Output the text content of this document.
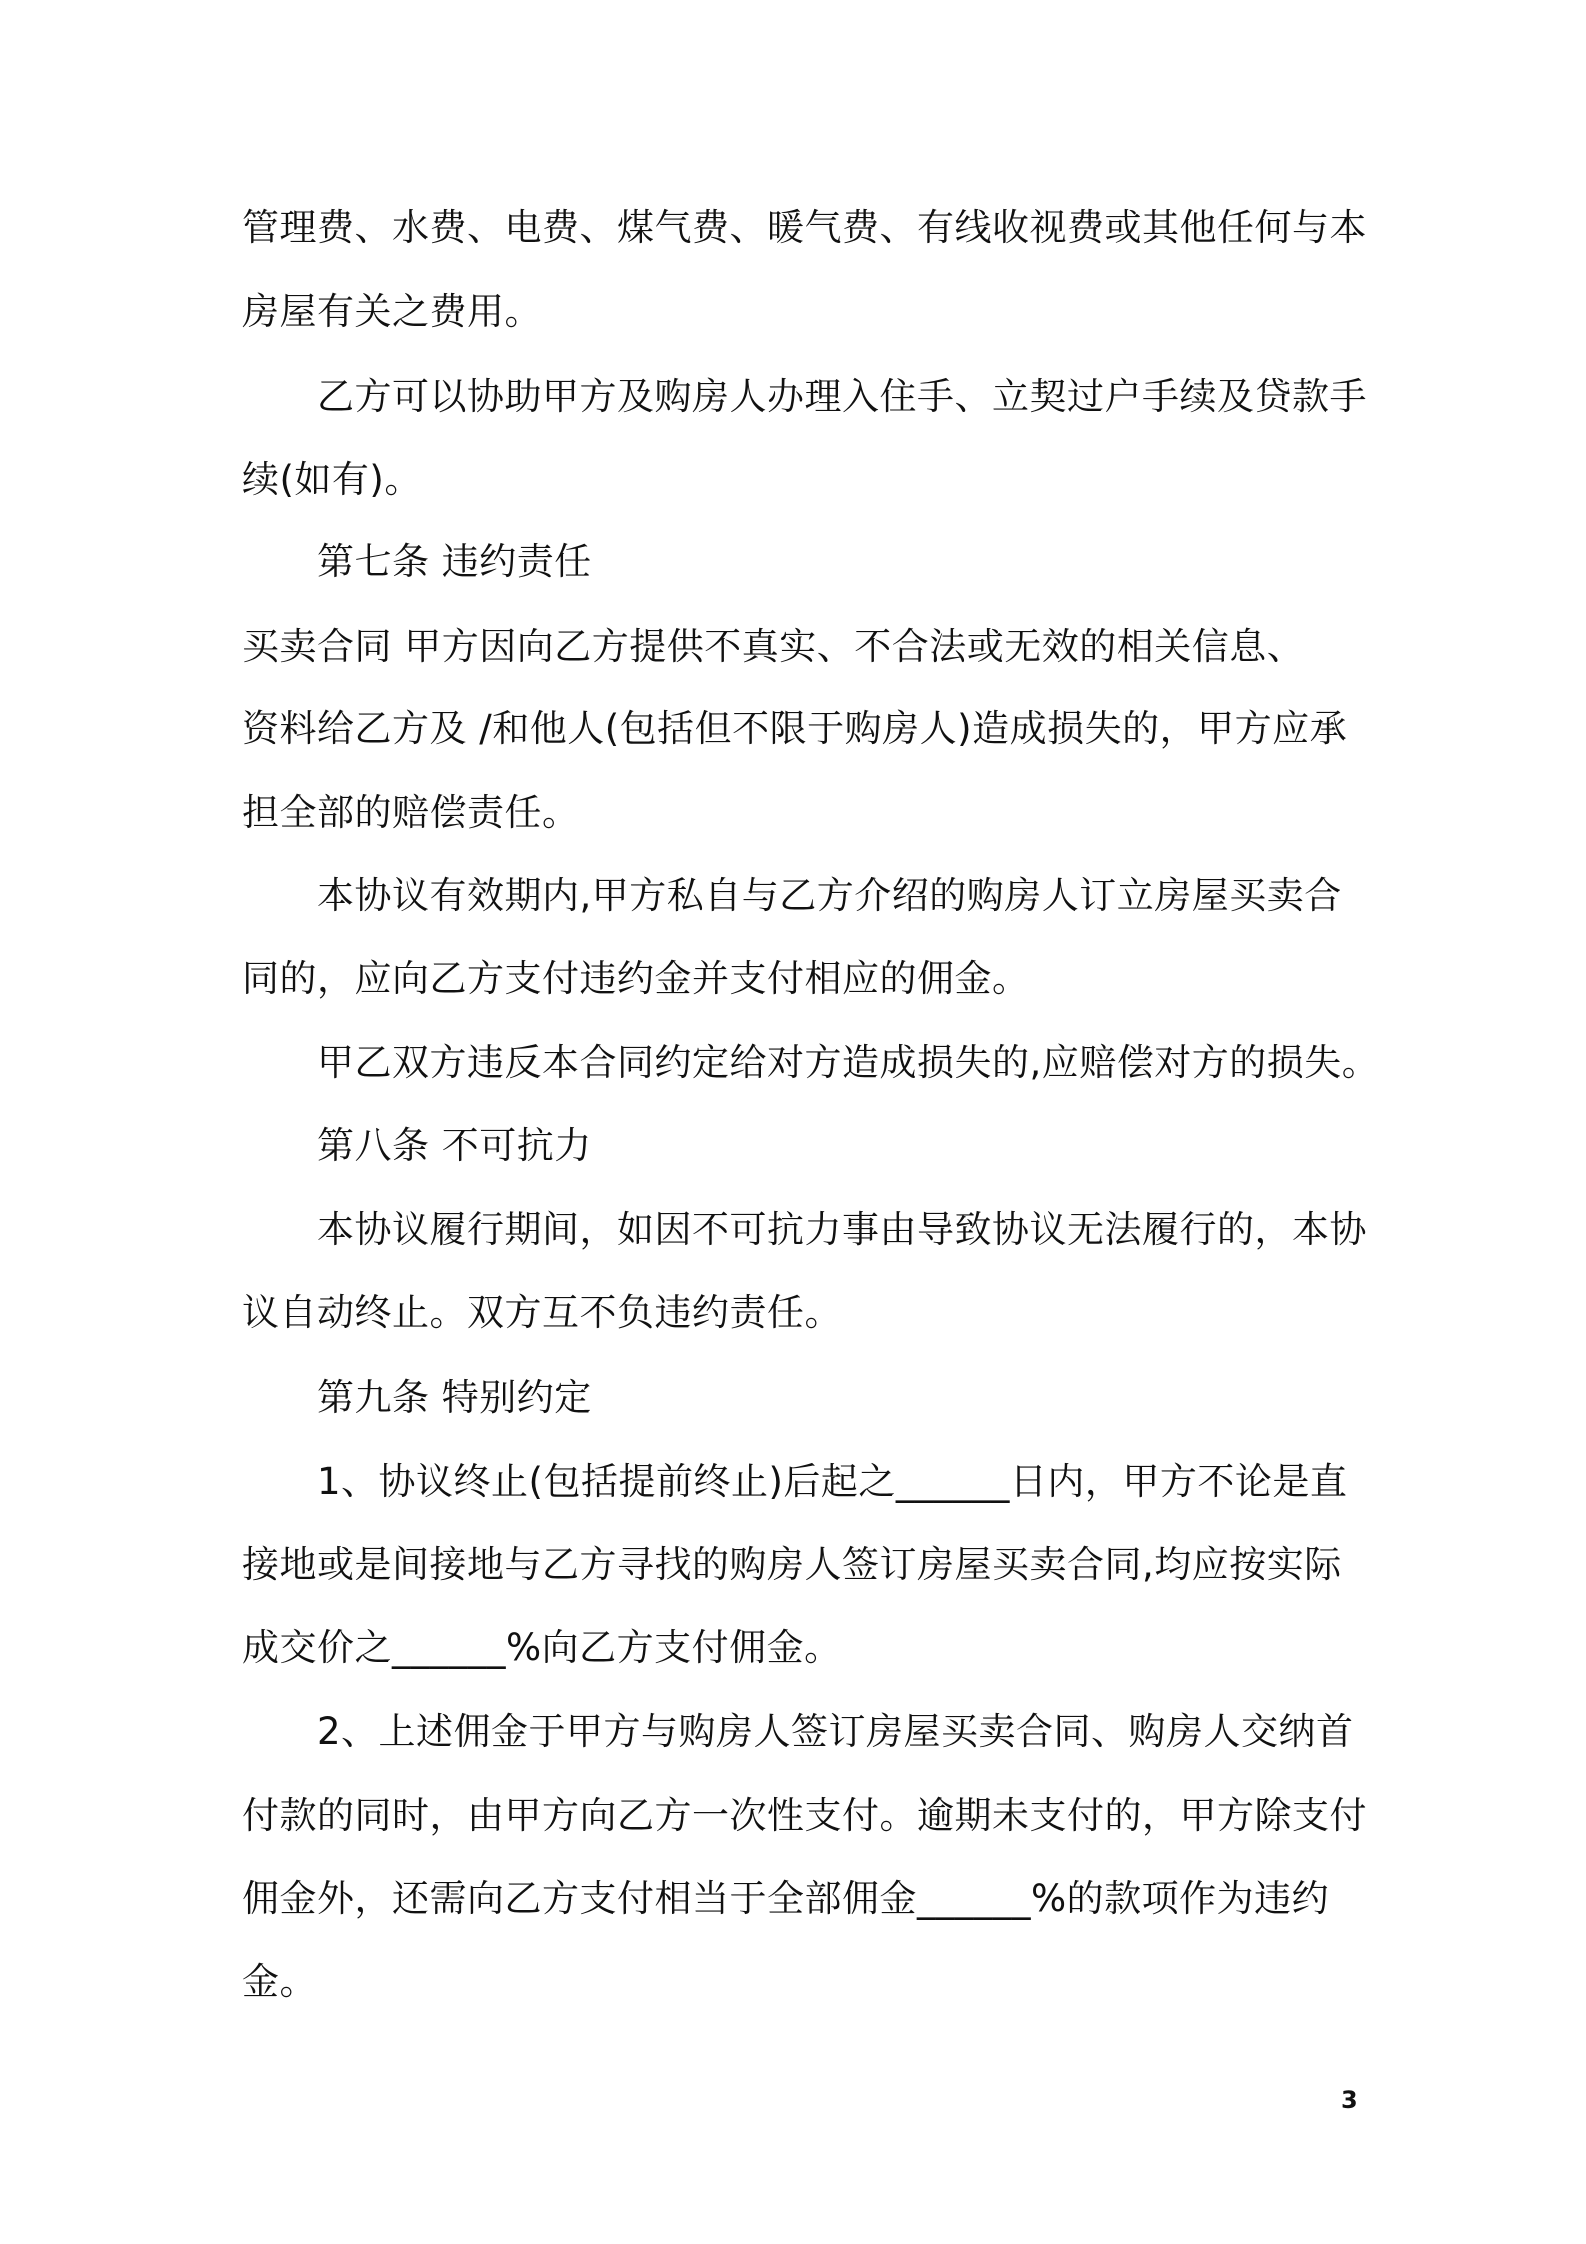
管理费、水费、电费、煤气费、暖气费、有线收视费或其他任何与本
房屋有关之费用。
乙方可以协助甲方及购房人办理入住手、立契过户手续及贷款手
续(如有)。
第七条 违约责任
买卖合同 甲方因向乙方提供不真实、不合法或无效的相关信息、
资料给乙方及 /和他人(包括但不限于购房人)造成损失的，甲方应承
担全部的赔偿责任。
本协议有效期内,甲方私自与乙方介绍的购房人订立房屋买卖合
同的，应向乙方支付违约金并支付相应的佣金。
甲乙双方违反本合同约定给对方造成损失的,应赔偿对方的损失。
第八条 不可抗力
本协议履行期间，如因不可抗力事由导致协议无法履行的，本协
议自动终止。双方互不负违约责任。
第九条 特别约定
1、协议终止(包括提前终止)后起之______日内，甲方不论是直
接地或是间接地与乙方寻找的购房人签订房屋买卖合同,均应按实际
成交价之______%向乙方支付佣金。
2、上述佣金于甲方与购房人签订房屋买卖合同、购房人交纳首
付款的同时，由甲方向乙方一次性支付。逾期未支付的，甲方除支付
佣金外，还需向乙方支付相当于全部佣金______%的款项作为违约
金。
3
